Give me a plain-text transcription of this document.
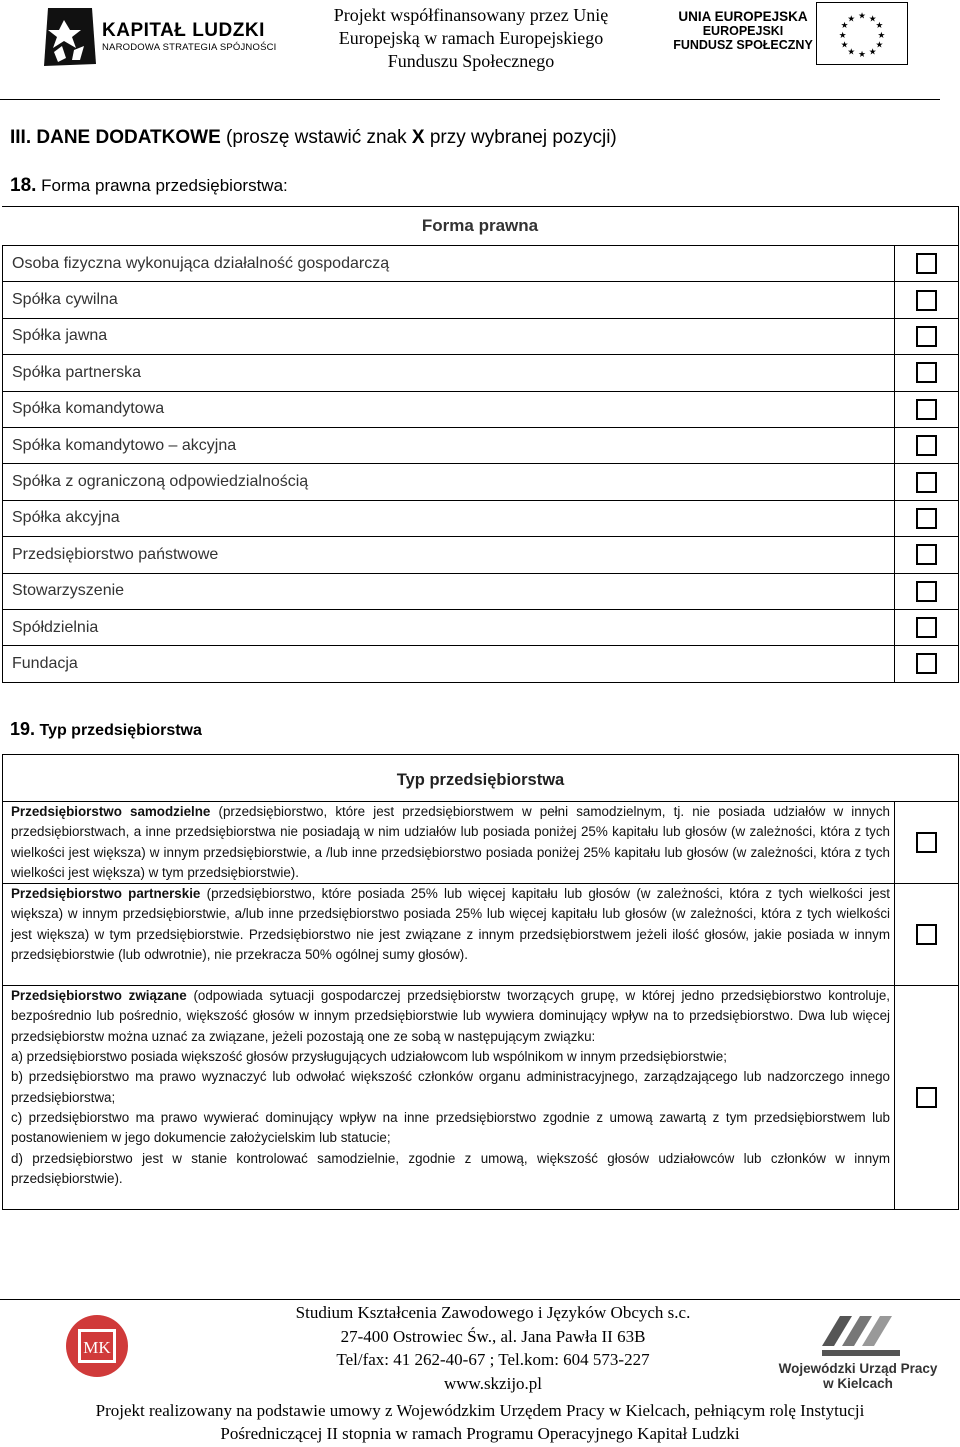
KAPITAŁ LUDZKI
NARODOWA STRATEGIA SPÓJNOŚCI
Projekt współfinansowany przez Unię
Europejską w ramach Europejskiego
Funduszu Społecznego
UNIA EUROPEJSKA
EUROPEJSKI
FUNDUSZ SPOŁECZNY
★ ★
★
★
★
★
★
★
★
★
★
★
III. DANE DODATKOWE (proszę wstawić znak X przy wybranej pozycji)
18. Forma prawna przedsiębiorstwa:

Forma prawna
Osoba fizyczna wykonująca działalność gospodarczą	
Spółka cywilna	
Spółka jawna	
Spółka partnerska	
Spółka komandytowa	
Spółka komandytowo – akcyjna	
Spółka z ograniczoną odpowiedzialnością	
Spółka akcyjna	
Przedsiębiorstwo państwowe	
Stowarzyszenie	
Spółdzielnia	
Fundacja	
19. Typ przedsiębiorstwa
Typ przedsiębiorstwa	

Przedsiębiorstwo samodzielne (przedsiębiorstwo, które jest przedsiębiorstwem w pełni samodzielnym, tj. nie posiada udziałów w innych przedsiębiorstwach, a inne przedsiębiorstwa nie posiadają w nim udziałów lub posiada poniżej 25% kapitału lub głosów (w zależności, która z tych wielkości jest większa) w innym przedsiębiorstwie, a /lub inne przedsiębiorstwo posiada poniżej 25% kapitału lub głosów (w zależności, która z tych wielkości jest większa) w tym przedsiębiorstwie).	

Przedsiębiorstwo partnerskie (przedsiębiorstwo, które posiada 25% lub więcej kapitału lub głosów (w zależności, która z tych wielkości jest większa) w innym przedsiębiorstwie, a/lub inne przedsiębiorstwo posiada 25% lub więcej kapitału lub głosów (w zależności, która z tych wielkości jest większa) w tym przedsiębiorstwie. Przedsiębiorstwo nie jest związane z innym przedsiębiorstwem jeżeli ilość głosów, jakie posiada w innym przedsiębiorstwie (lub odwrotnie), nie przekracza 50% ogólnej sumy głosów).	

Przedsiębiorstwo związane (odpowiada sytuacji gospodarczej przedsiębiorstw tworzących grupę, w której jedno przedsiębiorstwo kontroluje, bezpośrednio lub pośrednio, większość głosów w innym przedsiębiorstwie lub wywiera dominujący wpływ na to przedsiębiorstwo. Dwa lub więcej przedsiębiorstw można uznać za związane, jeżeli pozostają one ze sobą w następującym związku:

a) przedsiębiorstwo posiada większość głosów przysługujących udziałowcom lub wspólnikom w innym przedsiębiorstwie;

b) przedsiębiorstwo ma prawo wyznaczyć lub odwołać większość członków organu administracyjnego, zarządzającego lub nadzorczego innego przedsiębiorstwa;

c) przedsiębiorstwo ma prawo wywierać dominujący wpływ na inne przedsiębiorstwo zgodnie z umową zawartą z tym przedsiębiorstwem lub postanowieniem w jego dokumencie założycielskim lub statucie;

d) przedsiębiorstwo jest w stanie kontrolować samodzielnie, zgodnie z umową, większość głosów udziałowców lub członków w innym przedsiębiorstwie).	

MK
Studium Kształcenia Zawodowego i Języków Obcych s.c.
27-400 Ostrowiec Św., al. Jana Pawła II 63B
Tel/fax: 41 262-40-67 ; Tel.kom: 604 573-227
www.skzijo.pl
Wojewódzki Urząd Pracy
w Kielcach
Projekt realizowany na podstawie umowy z Wojewódzkim Urzędem Pracy w Kielcach, pełniącym rolę Instytucji
Pośredniczącej II stopnia w ramach Programu Operacyjnego Kapitał Ludzki
